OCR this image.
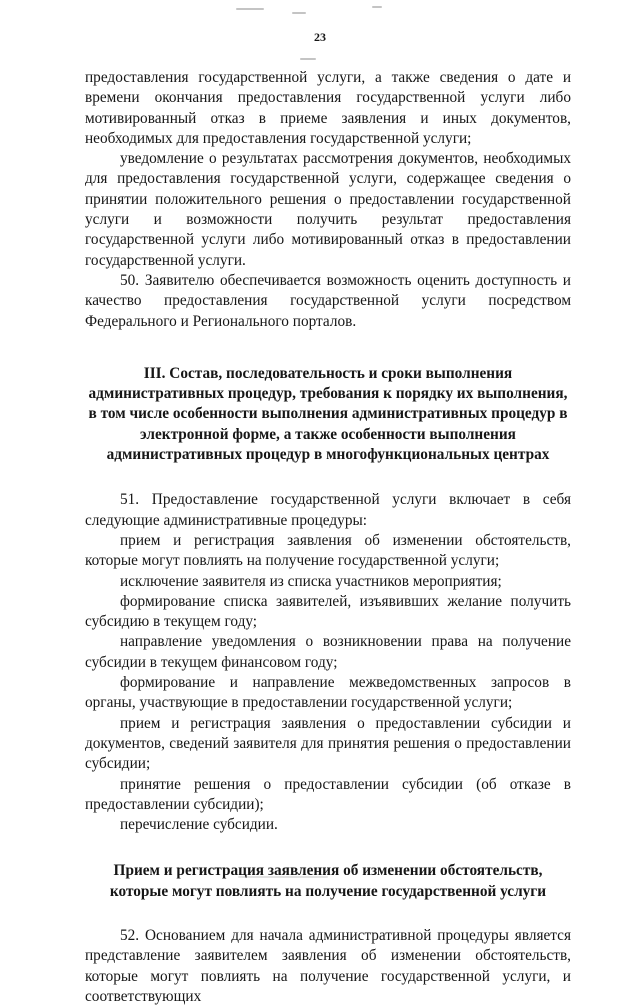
23

предоставления государственной услуги, а также сведения о дате и времени окончания предоставления государственной услуги либо мотивированный отказ в приеме заявления и иных документов, необходимых для предоставления государственной услуги;

уведомление о результатах рассмотрения документов, необходимых для предоставления государственной услуги, содержащее сведения о принятии положительного решения о предоставлении государственной услуги и возможности получить результат предоставления государственной услуги либо мотивированный отказ в предоставлении государственной услуги.

50. Заявителю обеспечивается возможность оценить доступность и качество предоставления государственной услуги посредством Федерального и Регионального порталов.

III. Состав, последовательность и сроки выполнения
административных процедур, требования к порядку их выполнения,
в том числе особенности выполнения административных процедур в
электронной форме, а также особенности выполнения
административных процедур в многофункциональных центрах

51. Предоставление государственной услуги включает в себя следующие административные процедуры:

прием и регистрация заявления об изменении обстоятельств, которые могут повлиять на получение государственной услуги;

исключение заявителя из списка участников мероприятия;

формирование списка заявителей, изъявивших желание получить субсидию в текущем году;

направление уведомления о возникновении права на получение субсидии в текущем финансовом году;

формирование и направление межведомственных запросов в органы, участвующие в предоставлении государственной услуги;

прием и регистрация заявления о предоставлении субсидии и документов, сведений заявителя для принятия решения о предоставлении субсидии;

принятие решения о предоставлении субсидии (об отказе в предоставлении субсидии);

перечисление субсидии.

Прием и регистрация заявления об изменении обстоятельств,
которые могут повлиять на получение государственной услуги

52. Основанием для начала административной процедуры является представление заявителем заявления об изменении обстоятельств, которые могут повлиять на получение государственной услуги, и соответствующих
